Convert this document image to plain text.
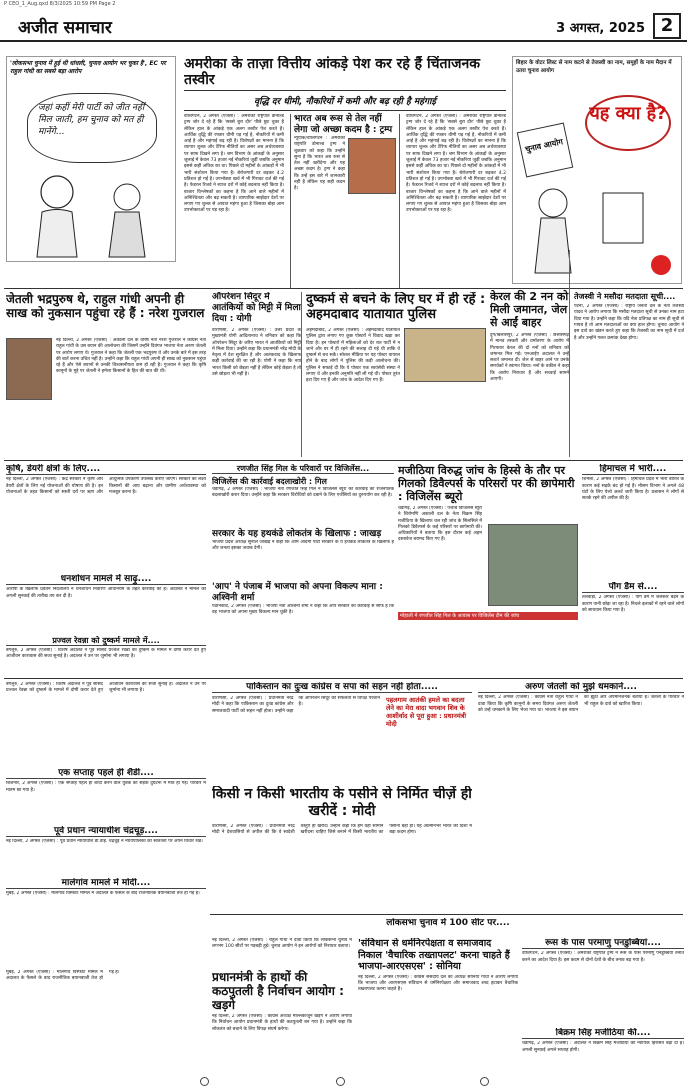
P CEO_1_Aug.qxd 8/3/2025 10:59 PM Page 2
अजीत समाचार	3 अगस्त, 2025 2
'लोकसभा चुनाव में हुई थी धांधली, चुनाव आयोग भर चुका है', EC पर राहुल गांधी का सबसे बड़ा आरोप
जहां कहीं मेरी पार्टी को जीत नहीं मिल जाती, हम चुनाव को मत ही मानेंगे...
अमरीका के ताज़ा वित्तीय आंकड़े पेश कर रहे हैं चिंताजनक तस्वीर
वृद्धि दर धीमी, नौकरियों में कमी और बढ़ रही है महंगाई
वाशिंगटन, 2 अगस्त (एजेंसी) : अमरीकी राष्ट्रपति डोनाल्ड ट्रम्प जोर दे रहे हैं कि 'सबसे बुरा दौर' पीछे छूट चुका है लेकिन हाल के आंकड़े एक अलग तस्वीर पेश करते हैं। आर्थिक वृद्धि की रफ्तार धीमी पड़ गई है, नौकरियों में कमी आई है और महंगाई बढ़ रही है। विशेषज्ञों का मानना है कि व्यापार शुल्क और टैरिफ नीतियों का असर अब अर्थव्यवस्था पर साफ दिखने लगा है। श्रम विभाग के आंकड़ों के अनुसार जुलाई में केवल 73 हजार नई नौकरियां जुड़ीं जबकि अनुमान इससे कहीं अधिक का था। पिछले दो महीनों के आंकड़ों में भी भारी संशोधन किया गया है। बेरोजगारी दर बढ़कर 4.2 प्रतिशत हो गई है। उपभोक्ता खर्च में भी गिरावट दर्ज की गई है। फेडरल रिजर्व ने ब्याज दरों में कोई बदलाव नहीं किया है। बाजार विश्लेषकों का कहना है कि आने वाले महीनों में अनिश्चितता और बढ़ सकती है। व्यापारिक साझेदार देशों पर लगाए गए शुल्क से आयात महंगा हुआ है जिसका बोझ आम उपभोक्ताओं पर पड़ रहा है।
भारत अब रूस से तेल नहीं लेगा जो अच्छा कदम है : ट्रम्प
न्यूयॉर्क/वाशिंगटन : अमरीकी राष्ट्रपति डोनाल्ड ट्रम्प ने शुक्रवार को कहा कि उन्होंने सुना है कि भारत अब रूस से तेल नहीं खरीदेगा और यह अच्छा कदम है। ट्रम्प ने कहा कि उन्हें इस बारे में जानकारी नहीं है लेकिन यह सही कदम है।
वाशिंगटन, 2 अगस्त (एजेंसी) : अमरीकी राष्ट्रपति डोनाल्ड ट्रम्प जोर दे रहे हैं कि 'सबसे बुरा दौर' पीछे छूट चुका है लेकिन हाल के आंकड़े एक अलग तस्वीर पेश करते हैं। आर्थिक वृद्धि की रफ्तार धीमी पड़ गई है, नौकरियों में कमी आई है और महंगाई बढ़ रही है। विशेषज्ञों का मानना है कि व्यापार शुल्क और टैरिफ नीतियों का असर अब अर्थव्यवस्था पर साफ दिखने लगा है। श्रम विभाग के आंकड़ों के अनुसार जुलाई में केवल 73 हजार नई नौकरियां जुड़ीं जबकि अनुमान इससे कहीं अधिक का था। पिछले दो महीनों के आंकड़ों में भी भारी संशोधन किया गया है। बेरोजगारी दर बढ़कर 4.2 प्रतिशत हो गई है। उपभोक्ता खर्च में भी गिरावट दर्ज की गई है। फेडरल रिजर्व ने ब्याज दरों में कोई बदलाव नहीं किया है। बाजार विश्लेषकों का कहना है कि आने वाले महीनों में अनिश्चितता और बढ़ सकती है। व्यापारिक साझेदार देशों पर लगाए गए शुल्क से आयात महंगा हुआ है जिसका बोझ आम उपभोक्ताओं पर पड़ रहा है।
बिहार के वोटर लिस्ट से नाम कटने से तेजस्वी का नाम, समूहों के नाम मैदान में उतरा चुनाव आयोग
यह क्या है?
चुनाव आयोग
जेतली भद्रपुरुष थे, राहुल गांधी अपनी ही साख को नुकसान पहुंचा रहे हैं : नरेश गुजराल
नई दिल्ली, 2 अगस्त (एजेंसी) : अकाली दल के वरिष्ठ नेता नरेश गुजराल ने कांग्रेस नेता राहुल गांधी के उस बयान की आलोचना की जिसमें उन्होंने दिवंगत भाजपा नेता अरुण जेतली पर आरोप लगाए थे। गुजराल ने कहा कि जेतली एक भद्रपुरुष थे और उनके बारे में इस तरह की बातें करना उचित नहीं है। उन्होंने कहा कि राहुल गांधी अपनी ही साख को नुकसान पहुंचा रहे हैं और ऐसे बयानों से उनकी विश्वसनीयता कम हो रही है। गुजराल ने कहा कि कृषि कानूनों के मुद्दे पर जेतली ने हमेशा किसानों के हित की बात की थी।
ऑपरेशन सिंदूर में आतंकियों को मिट्टी में मिला दिया : योगी
वाराणसी, 2 अगस्त (एजेंसी) : उत्तर प्रदेश के मुख्यमंत्री योगी आदित्यनाथ ने शनिवार को कहा कि ऑपरेशन सिंदूर के जरिए भारत ने आतंकियों को मिट्टी में मिला दिया। उन्होंने कहा कि प्रधानमंत्री नरेंद्र मोदी के नेतृत्व में देश सुरक्षित है और आतंकवाद के खिलाफ कड़ी कार्रवाई की जा रही है। योगी ने कहा कि नया भारत किसी को छेड़ता नहीं है लेकिन कोई छेड़ता है तो उसे छोड़ता भी नहीं है।
दुष्कर्म से बचने के लिए घर में ही रहें : अहमदाबाद यातायात पुलिस
अहमदाबाद, 2 अगस्त (एजेंसी) : अहमदाबाद यातायात पुलिस द्वारा लगाए गए कुछ पोस्टरों ने विवाद खड़ा कर दिया है। इन पोस्टरों में महिलाओं को देर रात पार्टी में न जाने और घर में ही रहने की सलाह दी गई थी ताकि वे दुष्कर्म से बच सकें। सोशल मीडिया पर यह पोस्टर वायरल होने के बाद लोगों ने पुलिस की कड़ी आलोचना की। पुलिस ने सफाई दी कि ये पोस्टर एक स्वयंसेवी संस्था ने लगाए थे और इनकी अनुमति नहीं ली गई थी। पोस्टर तुरंत हटा दिए गए हैं और जांच के आदेश दिए गए हैं।
केरल की 2 नन को मिली जमानत, जेल से आईं बाहर
दुर्ग/बिलासपुर, 2 अगस्त (एजेंसी) : छत्तीसगढ़ में मानव तस्करी और धर्मांतरण के आरोप में गिरफ्तार केरल की दो ननों को शनिवार को जमानत मिल गई। एनआईए अदालत ने उन्हें सशर्त जमानत दी। जेल से बाहर आने पर उनके समर्थकों ने स्वागत किया। ननों के वकील ने कहा कि आरोप निराधार हैं और सच्चाई सामने आएगी।
तेजस्वी ने मसौदा मतदाता सूची....
पटना, 2 अगस्त (एजेंसी) : राष्ट्रीय जनता दल के नेता तेजस्वी यादव ने आरोप लगाया कि मसौदा मतदाता सूची से उनका नाम हटा दिया गया है। उन्होंने कहा कि यदि नेता प्रतिपक्ष का नाम ही सूची से गायब है तो आम मतदाताओं का क्या हाल होगा। चुनाव आयोग ने इस दावे का खंडन करते हुए कहा कि तेजस्वी का नाम सूची में दर्ज है और उन्होंने गलत क्रमांक देखा होगा।
कृषि, डेयरी क्षेत्रों के लिए....
नई दिल्ली, 2 अगस्त (एजेंसी) : केंद्र सरकार ने कृषि और डेयरी क्षेत्रों के लिए नई योजनाओं की घोषणा की है। इन योजनाओं के तहत किसानों को सस्ती दरों पर ऋण और आधुनिक उपकरण उपलब्ध कराए जाएंगे। सरकार का लक्ष्य किसानों की आय बढ़ाना और ग्रामीण अर्थव्यवस्था को मजबूत करना है।
धनशोधन मामले में साढ़ु....
आरोपी के खिलाफ प्रवर्तन निदेशालय ने धनशोधन निवारण अधिनियम के तहत कार्रवाई की है। अदालत ने मामले की अगली सुनवाई की तारीख तय कर दी है।
रणजीत सिंह गिल के परिवारों पर विजिलेंस...
विजिलेंस की कार्रवाई बदलाखोरी : गिल
चंडीगढ़, 2 अगस्त (एजेंसी) : भाजपा नेता रणजीत सिंह गिल ने विजिलेंस ब्यूरो की कार्रवाई को राजनीतिक बदलाखोरी करार दिया। उन्होंने कहा कि सरकार विरोधियों को दबाने के लिए एजेंसियों का दुरुपयोग कर रही है।
सरकार के यह हथकंडे लोकतंत्र के खिलाफ : जाखड़
भाजपा प्रदेश अध्यक्ष सुनील जाखड़ ने कहा कि आम आदमी पार्टी सरकार के ये हथकंडे लोकतंत्र के खिलाफ हैं और जनता इसका जवाब देगी।
'आप' ने पंजाब में भाजपा को अपना विकल्प माना : अश्विनी शर्मा
पठानकोट, 2 अगस्त (एजेंसी) : भाजपा नेता अश्विनी शर्मा ने कहा कि आप सरकार की कार्रवाई से साफ है कि वह भाजपा को अपना मुख्य विकल्प मान चुकी है।
मजीठिया विरुद्ध जांच के हिस्से के तौर पर गिलको डिवैल्पर्स के परिसरों पर की छापेमारी : विजिलेंस ब्यूरो
चंडीगढ़, 2 अगस्त (एजेंसी) : पंजाब विजिलेंस ब्यूरो ने शिरोमणि अकाली दल के नेता बिक्रम सिंह मजीठिया के खिलाफ चल रही जांच के सिलसिले में गिलको डिवैल्पर्स के कई परिसरों पर छापेमारी की। अधिकारियों ने बताया कि इस दौरान कई अहम दस्तावेज बरामद किए गए हैं।
मोहाली में रणजीत सिंह गिल के आवास पर विजिलेंस टीम की जांच
हिमाचल में भारी....
शिमला, 2 अगस्त (एजेंसी) : हिमाचल प्रदेश में भारी बारिश के कारण कई सड़कें बंद हो गई हैं। मौसम विभाग ने अगले 48 घंटों के लिए येलो अलर्ट जारी किया है। प्रशासन ने लोगों से सतर्क रहने की अपील की है।
पौंग डैम से....
तलवाड़ा, 2 अगस्त (एजेंसी) : पौंग डैम में जलस्तर बढ़ने के कारण पानी छोड़ा जा रहा है। निचले इलाकों में रहने वाले लोगों को सावधान किया गया है।
प्रज्वल रेवन्ना को दुष्कर्म मामले में....
बेंगलुरु, 2 अगस्त (एजेंसी) : विशेष अदालत ने पूर्व सांसद प्रज्वल रेवन्ना को दुष्कर्म के मामले में दोषी करार देते हुए आजीवन कारावास की सजा सुनाई है। अदालत ने उन पर जुर्माना भी लगाया है।
बेंगलुरु, 2 अगस्त (एजेंसी) : विशेष अदालत ने पूर्व सांसद प्रज्वल रेवन्ना को दुष्कर्म के मामले में दोषी करार देते हुए आजीवन कारावास की सजा सुनाई है। अदालत ने उन पर जुर्माना भी लगाया है।	पाकिस्तान का दुःख कांग्रेस व सपा को सहन नहीं होता.....
वाराणसी, 2 अगस्त (एजेंसी) : प्रधानमंत्री नरेंद्र मोदी ने कहा कि पाकिस्तान का दुःख कांग्रेस और समाजवादी पार्टी को सहन नहीं होता। उन्होंने कहा कि ऑपरेशन सिंदूर की सफलता से विपक्ष परेशान है।
पहलगाम आतंकी हमले का बदला लेने का मेरा वादा भगवान शिव के आशीर्वाद से पूरा हुआ : प्रधानमंत्री मोदी
किसी न किसी भारतीय के पसीने से निर्मित चीज़ें ही खरीदें : मोदी
वाराणसी, 2 अगस्त (एजेंसी) : प्रधानमंत्री नरेंद्र मोदी ने देशवासियों से अपील की कि वे स्वदेशी वस्तुएं ही खरीदें। उन्होंने कहा कि हमें वही सामान खरीदना चाहिए जिसे बनाने में किसी भारतीय का पसीना बहा हो। यह आत्मनिर्भर भारत की दिशा में बड़ा कदम होगा।
अरुण जेतली को मुझे धमकाने....
नई दिल्ली, 2 अगस्त (एजेंसी) : कांग्रेस नेता राहुल गांधी ने दावा किया कि कृषि कानूनों के समय दिवंगत अरुण जेतली को उन्हें धमकाने के लिए भेजा गया था। भाजपा ने इस बयान को झूठा और अपमानजनक बताया है। जेतली के परिवार ने भी राहुल के दावे को खारिज किया।
एक सप्ताह पहले ही शैडी....
बिजनौर, 2 अगस्त (एजेंसी) : एक सप्ताह पहले ही शादी करने वाले युवक की सड़क दुर्घटना में मौत हो गई। परिवार में मातम छा गया है।
पूर्व प्रधान न्यायाधीश चंद्रचूड़....
नई दिल्ली, 2 अगस्त (एजेंसी) : पूर्व प्रधान न्यायाधीश डी.वाई. चंद्रचूड़ ने न्यायपालिका की स्वतंत्रता पर अपने विचार रखे।
मालेगांव मामले में मोदी....
मुंबई, 2 अगस्त (एजेंसी) : मालेगांव विस्फोट मामले में अदालत के फैसले के बाद राजनीतिक बयानबाजी तेज हो गई है।
लोकसभा चुनाव में 100 सीट पर....
नई दिल्ली, 2 अगस्त (एजेंसी) : राहुल गांधी ने दावा किया कि लोकसभा चुनाव में लगभग 100 सीटों पर गड़बड़ी हुई। चुनाव आयोग ने इन आरोपों को निराधार बताया।
प्रधानमंत्री के हाथों की कठपुतली है निर्वाचन आयोग : खड़गे
नई दिल्ली, 2 अगस्त (एजेंसी) : कांग्रेस अध्यक्ष मल्लिकार्जुन खड़गे ने आरोप लगाया कि निर्वाचन आयोग प्रधानमंत्री के हाथों की कठपुतली बन गया है। उन्होंने कहा कि लोकतंत्र को बचाने के लिए विपक्ष संघर्ष करेगा।
'संविधान से धर्मनिरपेक्षता व समाजवाद निकाल 'वैचारिक तख्तापलट' करना चाहते हैं भाजपा-आरएसएस' : सोनिया
नई दिल्ली, 2 अगस्त (एजेंसी) : कांग्रेस संसदीय दल की अध्यक्ष सोनिया गांधी ने आरोप लगाया कि भाजपा और आरएसएस संविधान से धर्मनिरपेक्षता और समाजवाद शब्द हटाकर वैचारिक तख्तापलट करना चाहते हैं।
रूस के पास परमाणु पनडुब्बियां....
वाशिंगटन, 2 अगस्त (एजेंसी) : अमरीकी राष्ट्रपति ट्रम्प ने रूस के पास परमाणु पनडुब्बियां तैनात करने का आदेश दिया है। इस कदम से दोनों देशों के बीच तनाव बढ़ गया है।
बिक्रम सिंह मजीठिया की....
चंडीगढ़, 2 अगस्त (एजेंसी) : अदालत ने बिक्रम सिंह मजीठिया की न्यायिक हिरासत बढ़ा दी है। अगली सुनवाई अगले सप्ताह होगी।
मुंबई, 2 अगस्त (एजेंसी) : मालेगांव विस्फोट मामले में अदालत के फैसले के बाद राजनीतिक बयानबाजी तेज हो गई है।
